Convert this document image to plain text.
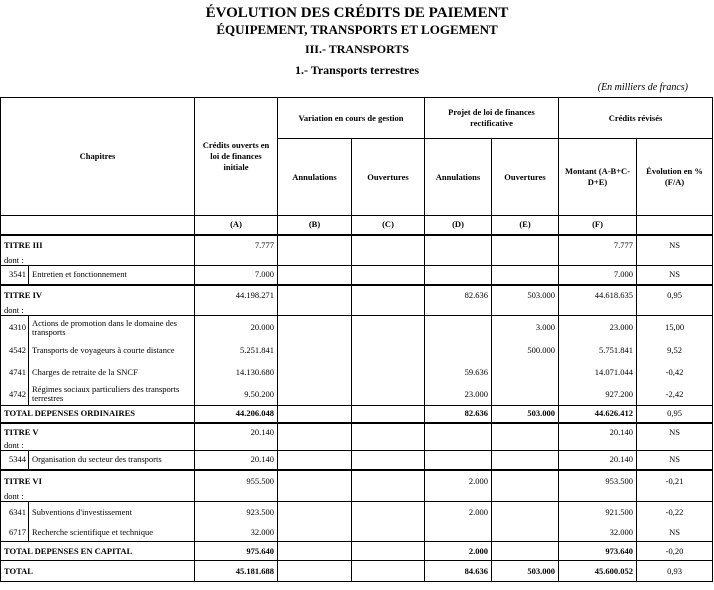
ÉVOLUTION DES CRÉDITS DE PAIEMENT
ÉQUIPEMENT, TRANSPORTS ET LOGEMENT
III.- TRANSPORTS
1.- Transports terrestres
(En milliers de francs)
Chapitres		Crédits ouverts en loi de finances initiale	Variation en cours de gestion		Projet de loi de finances rectificative		Crédits révisés	
			Annulations	Ouvertures	Annulations	Ouvertures	Montant (A-B+C-D+E)	Évolution en % (F/A)
		(A)	(B)	(C)	(D)	(E)	(F)	
TITRE III		7.777					7.777	NS
dont :								
3541	Entretien et fonctionnement	7.000					7.000	NS
TITRE IV		44.198.271			82.636	503.000	44.618.635	0,95
dont :								
4310	Actions de promotion dans le domaine des transports	20.000				3.000	23.000	15,00
4542	Transports de voyageurs à courte distance	5.251.841				500.000	5.751.841	9,52
4741	Charges de retraite de la SNCF	14.130.680			59.636		14.071.044	-0,42
4742	Régimes sociaux particuliers des transports terrestres	9.50.200			23.000		927.200	-2,42
TOTAL DEPENSES ORDINAIRES		44.206.048			82.636	503.000	44.626.412	0,95
TITRE V		20.140					20.140	NS
dont :								
5344	Organisation du secteur des transports	20.140					20.140	NS
TITRE VI		955.500			2.000		953.500	-0,21
dont :								
6341	Subventions d'investissement	923.500			2.000		921.500	-0,22
6717	Recherche scientifique et technique	32.000					32.000	NS
TOTAL DEPENSES EN CAPITAL		975.640			2.000		973.640	-0,20
TOTAL		45.181.688			84.636	503.000	45.600.052	0,93
